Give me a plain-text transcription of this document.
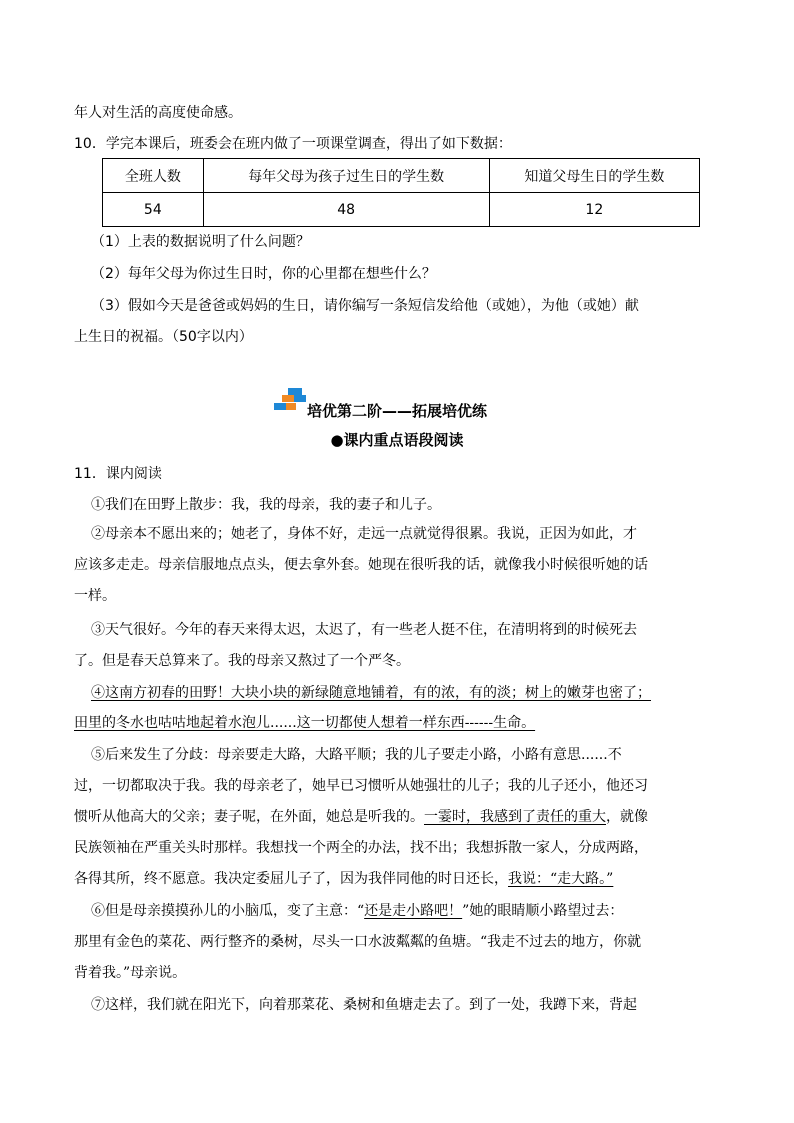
年人对生活的高度使命感。
10．学完本课后，班委会在班内做了一项课堂调查，得出了如下数据：
全班人数	每年父母为孩子过生日的学生数	知道父母生日的学生数
54	48	12
（1）上表的数据说明了什么问题？
（2）每年父母为你过生日时，你的心里都在想些什么？
（3）假如今天是爸爸或妈妈的生日，请你编写一条短信发给他（或她），为他（或她）献
上生日的祝福。（50字以内）
培优第二阶——拓展培优练
●课内重点语段阅读
11．课内阅读
①我们在田野上散步：我，我的母亲，我的妻子和儿子。
②母亲本不愿出来的；她老了，身体不好，走远一点就觉得很累。我说，正因为如此，才
应该多走走。母亲信服地点点头，便去拿外套。她现在很听我的话，就像我小时候很听她的话
一样。
③天气很好。今年的春天来得太迟，太迟了，有一些老人挺不住，在清明将到的时候死去
了。但是春天总算来了。我的母亲又熬过了一个严冬。
④这南方初春的田野！大块小块的新绿随意地铺着，有的浓，有的淡；树上的嫩芽也密了；
田里的冬水也咕咕地起着水泡儿......这一切都使人想着一样东西------生命。
⑤后来发生了分歧：母亲要走大路，大路平顺；我的儿子要走小路，小路有意思......不
过，一切都取决于我。我的母亲老了，她早已习惯听从她强壮的儿子；我的儿子还小，他还习
惯听从他高大的父亲；妻子呢，在外面，她总是听我的。一霎时，我感到了责任的重大，就像
民族领袖在严重关头时那样。我想找一个两全的办法，找不出；我想拆散一家人，分成两路，
各得其所，终不愿意。我决定委屈儿子了，因为我伴同他的时日还长，我说：“走大路。”
⑥但是母亲摸摸孙儿的小脑瓜，变了主意：“还是走小路吧！”她的眼睛顺小路望过去：
那里有金色的菜花、两行整齐的桑树，尽头一口水波粼粼的鱼塘。“我走不过去的地方，你就
背着我。”母亲说。
⑦这样，我们就在阳光下，向着那菜花、桑树和鱼塘走去了。到了一处，我蹲下来，背起
